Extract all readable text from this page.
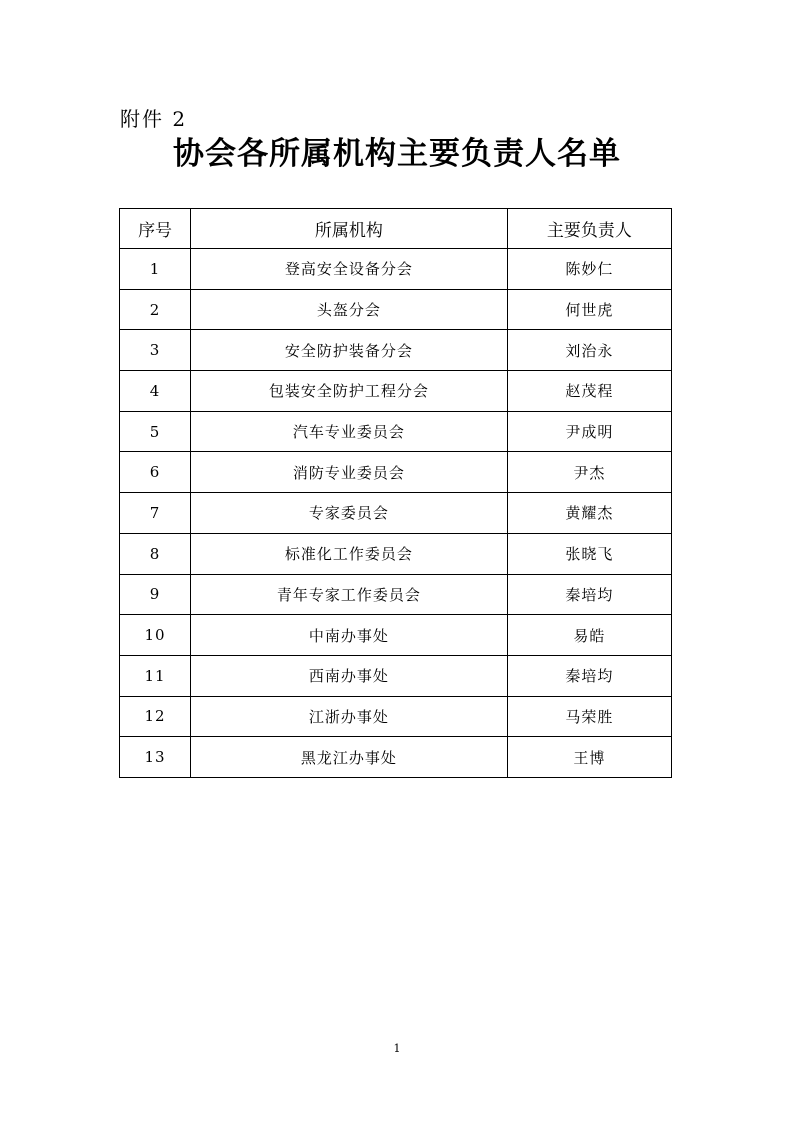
附件 2
协会各所属机构主要负责人名单
序号	所属机构	主要负责人
1	登高安全设备分会	陈妙仁
2	头盔分会	何世虎
3	安全防护装备分会	刘治永
4	包装安全防护工程分会	赵茂程
5	汽车专业委员会	尹成明
6	消防专业委员会	尹杰
7	专家委员会	黄耀杰
8	标准化工作委员会	张晓飞
9	青年专家工作委员会	秦培均
10	中南办事处	易皓
11	西南办事处	秦培均
12	江浙办事处	马荣胜
13	黑龙江办事处	王博
1
